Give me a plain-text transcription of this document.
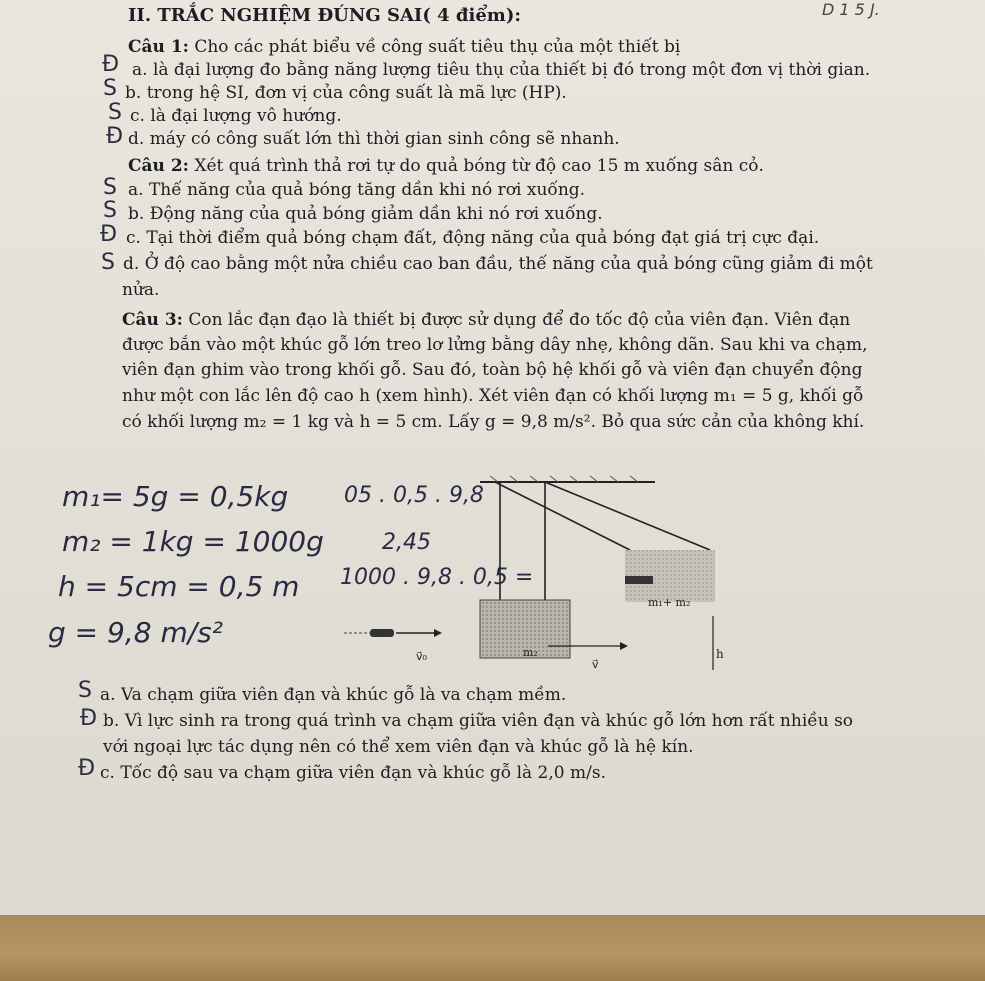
II. TRẮC NGHIỆM ĐÚNG SAI( 4 điểm):	D 1 5 J.
Câu 1: Cho các phát biểu về công suất tiêu thụ của một thiết bị
a. là đại lượng đo bằng năng lượng tiêu thụ của thiết bị đó trong một đơn vị thời gian.
b. trong hệ SI, đơn vị của công suất là mã lực (HP).
c. là đại lượng vô hướng.
d. máy có công suất lớn thì thời gian sinh công sẽ nhanh.
Câu 2: Xét quá trình thả rơi tự do quả bóng từ độ cao 15 m xuống sân cỏ.
a. Thế năng của quả bóng tăng dần khi nó rơi xuống.
b. Động năng của quả bóng giảm dần khi nó rơi xuống.
c. Tại thời điểm quả bóng chạm đất, động năng của quả bóng đạt giá trị cực đại.
d. Ở độ cao bằng một nửa chiều cao ban đầu, thế năng của quả bóng cũng giảm đi một
nửa.
Câu 3: Con lắc đạn đạo là thiết bị được sử dụng để đo tốc độ của viên đạn. Viên đạn
được bắn vào một khúc gỗ lớn treo lơ lửng bằng dây nhẹ, không dãn. Sau khi va chạm,
viên đạn ghim vào trong khối gỗ. Sau đó, toàn bộ hệ khối gỗ và viên đạn chuyển động
như một con lắc lên độ cao h (xem hình). Xét viên đạn có khối lượng m₁ = 5 g, khối gỗ
có khối lượng m₂ = 1 kg và h = 5 cm. Lấy g = 9,8 m/s². Bỏ qua sức cản của không khí.
m₁= 5g = 0,5kg
m₂ = 1kg = 1000g
h = 5cm = 0,5 m
g = 9,8 m/s²
05 . 0,5 . 9,8
2,45
1000 . 9,8 . 0,5 =
m₂
m₁+ m₂
h
v⃗₀
v⃗
a. Va chạm giữa viên đạn và khúc gỗ là va chạm mềm.
b. Vì lực sinh ra trong quá trình va chạm giữa viên đạn và khúc gỗ lớn hơn rất nhiều so
với ngoại lực tác dụng nên có thể xem viên đạn và khúc gỗ là hệ kín.
c. Tốc độ sau va chạm giữa viên đạn và khúc gỗ là 2,0 m/s.
Đ
S
S
Đ
S
S
Đ
S
S
Đ
Đ
